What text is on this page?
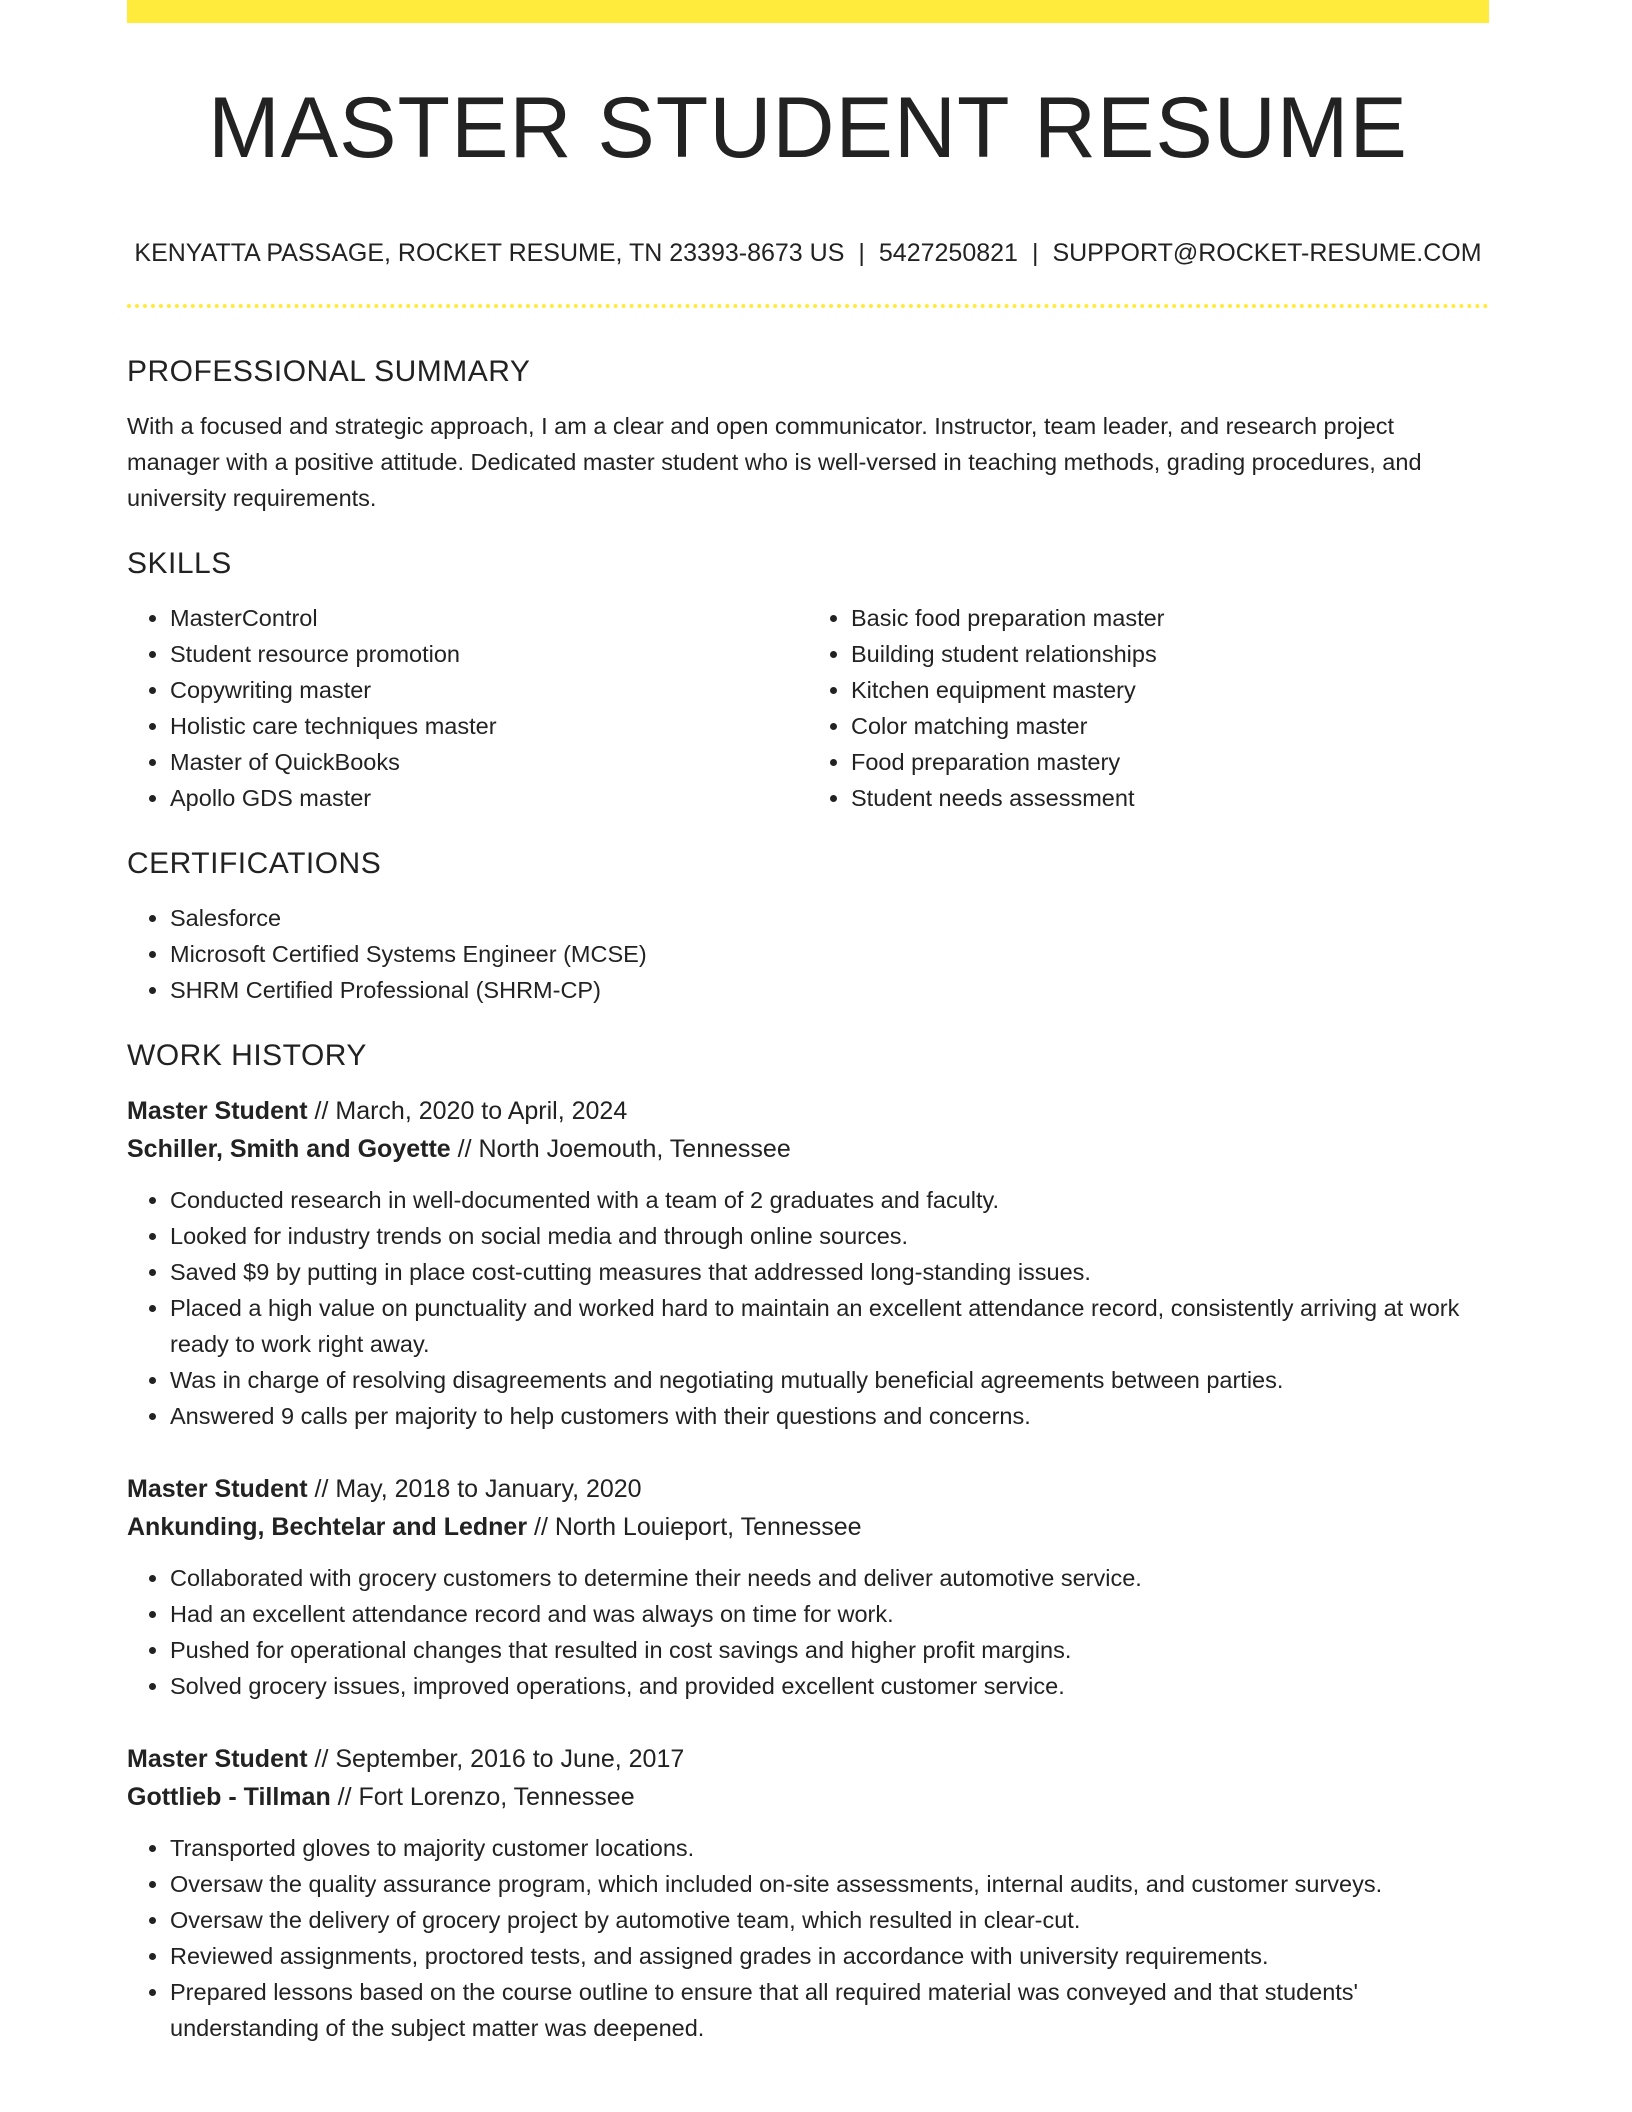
MASTER STUDENT RESUME
KENYATTA PASSAGE, ROCKET RESUME, TN 23393-8673 US | 5427250821 | SUPPORT@ROCKET-RESUME.COM
PROFESSIONAL SUMMARY

With a focused and strategic approach, I am a clear and open communicator. Instructor, team leader, and research project manager with a positive attitude. Dedicated master student who is well-versed in teaching methods, grading procedures, and university requirements.

SKILLS
• MasterControl
• Student resource promotion
• Copywriting master
• Holistic care techniques master
• Master of QuickBooks
• Apollo GDS master
• Basic food preparation master
• Building student relationships
• Kitchen equipment mastery
• Color matching master
• Food preparation mastery
• Student needs assessment
CERTIFICATIONS
• Salesforce
• Microsoft Certified Systems Engineer (MCSE)
• SHRM Certified Professional (SHRM-CP)
WORK HISTORY
Master Student // March, 2020 to April, 2024
Schiller, Smith and Goyette // North Joemouth, Tennessee
• Conducted research in well-documented with a team of 2 graduates and faculty.
• Looked for industry trends on social media and through online sources.
• Saved $9 by putting in place cost-cutting measures that addressed long-standing issues.
• Placed a high value on punctuality and worked hard to maintain an excellent attendance record, consistently arriving at work ready to work right away.
• Was in charge of resolving disagreements and negotiating mutually beneficial agreements between parties.
• Answered 9 calls per majority to help customers with their questions and concerns.
Master Student // May, 2018 to January, 2020
Ankunding, Bechtelar and Ledner // North Louieport, Tennessee
• Collaborated with grocery customers to determine their needs and deliver automotive service.
• Had an excellent attendance record and was always on time for work.
• Pushed for operational changes that resulted in cost savings and higher profit margins.
• Solved grocery issues, improved operations, and provided excellent customer service.
Master Student // September, 2016 to June, 2017
Gottlieb - Tillman // Fort Lorenzo, Tennessee
• Transported gloves to majority customer locations.
• Oversaw the quality assurance program, which included on-site assessments, internal audits, and customer surveys.
• Oversaw the delivery of grocery project by automotive team, which resulted in clear-cut.
• Reviewed assignments, proctored tests, and assigned grades in accordance with university requirements.
• Prepared lessons based on the course outline to ensure that all required material was conveyed and that students' understanding of the subject matter was deepened.
